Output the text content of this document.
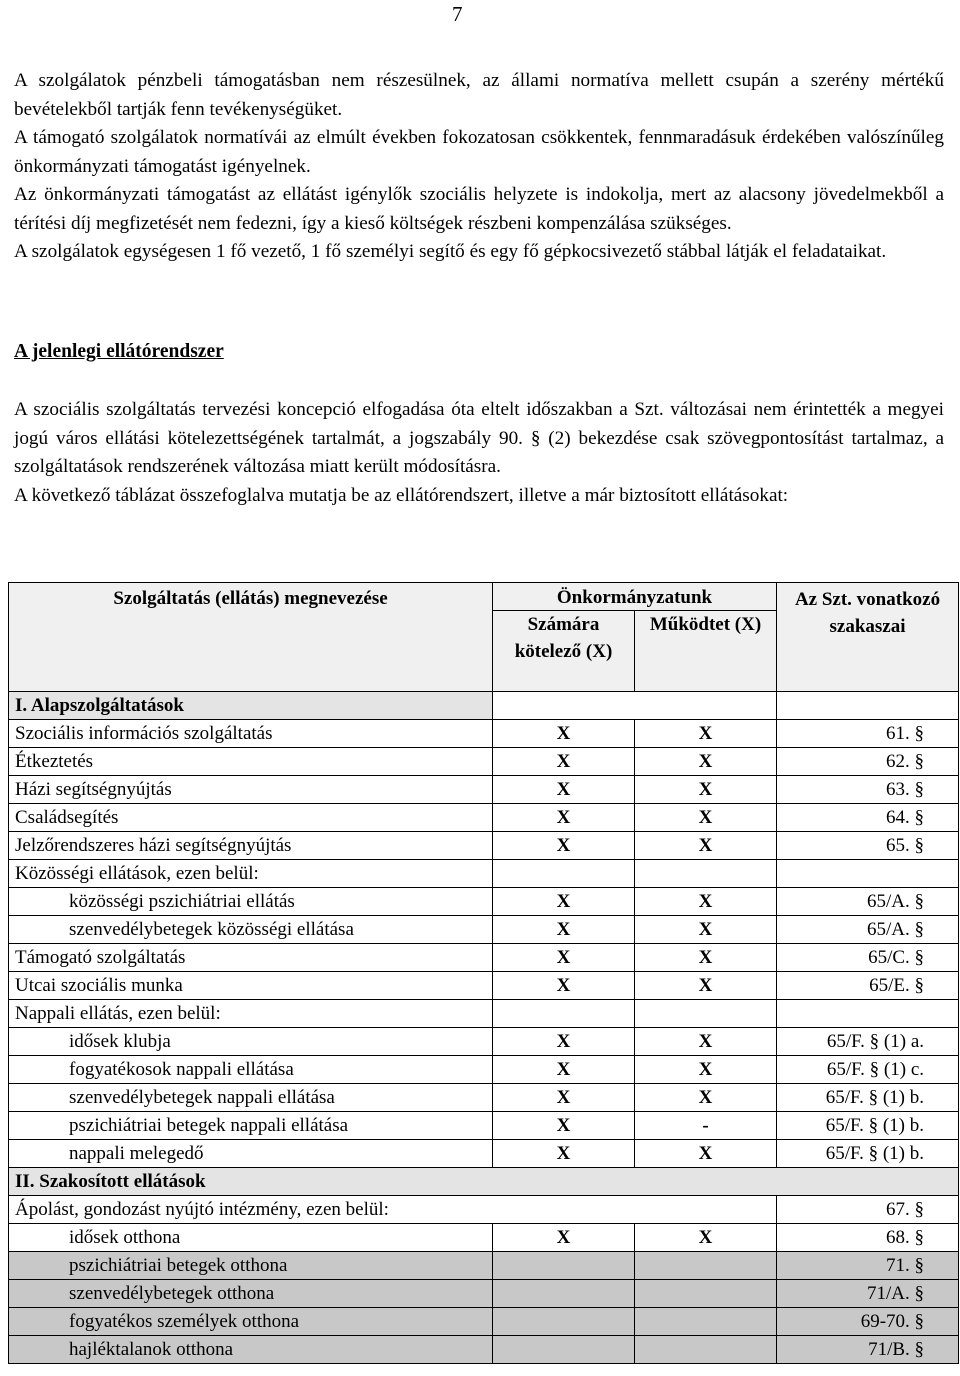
7

A szolgálatok pénzbeli támogatásban nem részesülnek, az állami normatíva mellett csupán a szerény mértékű bevételekből tartják fenn tevékenységüket.

A támogató szolgálatok normatívái az elmúlt években fokozatosan csökkentek, fennmaradásuk érdekében valószínűleg önkormányzati támogatást igényelnek.

Az önkormányzati támogatást az ellátást igénylők szociális helyzete is indokolja, mert az alacsony jövedelmekből a térítési díj megfizetését nem fedezni, így a kieső költségek részbeni kompenzálása szükséges.

A szolgálatok egységesen 1 fő vezető, 1 fő személyi segítő és egy fő gépkocsivezető stábbal látják el feladataikat.

A jelenlegi ellátórendszer

A szociális szolgáltatás tervezési koncepció elfogadása óta eltelt időszakban a Szt. változásai nem érintették a megyei jogú város ellátási kötelezettségének tartalmát, a jogszabály 90. § (2) bekezdése csak szövegpontosítást tartalmaz, a szolgáltatások rendszerének változása miatt került módosításra.

A következő táblázat összefoglalva mutatja be az ellátórendszert, illetve a már biztosított ellátásokat:

Szolgáltatás (ellátás) megnevezése	Önkormányzatunk		Az Szt. vonatkozó szakaszai
	Számára kötelező (X)	Működtet (X)	
I. Alapszolgáltatások			
Szociális információs szolgáltatás	X	X	61. §
Étkeztetés	X	X	62. §
Házi segítségnyújtás	X	X	63. §
Családsegítés	X	X	64. §
Jelzőrendszeres házi segítségnyújtás	X	X	65. §
Közösségi ellátások, ezen belül:			
közösségi pszichiátriai ellátás	X	X	65/A. §
szenvedélybetegek közösségi ellátása	X	X	65/A. §
Támogató szolgáltatás	X	X	65/C. §
Utcai szociális munka	X	X	65/E. §
Nappali ellátás, ezen belül:			
idősek klubja	X	X	65/F. § (1) a.
fogyatékosok nappali ellátása	X	X	65/F. § (1) c.
szenvedélybetegek nappali ellátása	X	X	65/F. § (1) b.
pszichiátriai betegek nappali ellátása	X	-	65/F. § (1) b.
nappali melegedő	X	X	65/F. § (1) b.
II. Szakosított ellátások			
Ápolást, gondozást nyújtó intézmény, ezen belül:			67. §
idősek otthona	X	X	68. §
pszichiátriai betegek otthona			71. §
szenvedélybetegek otthona			71/A. §
fogyatékos személyek otthona			69-70. §
hajléktalanok otthona			71/B. §
